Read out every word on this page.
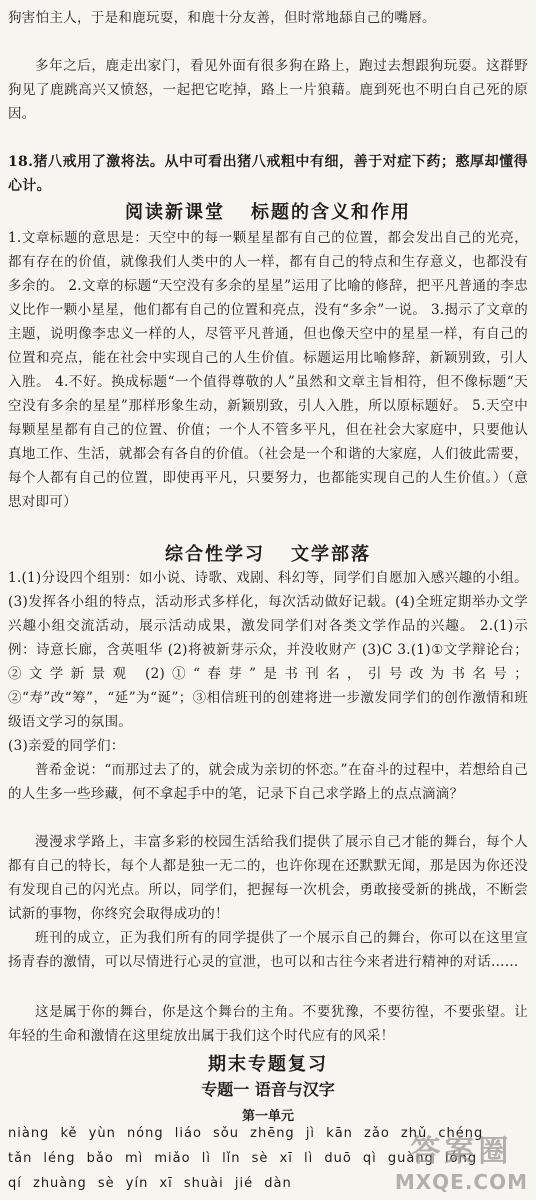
狗害怕主人，于是和鹿玩耍，和鹿十分友善，但时常地舔自己的嘴唇。

多年之后，鹿走出家门，看见外面有很多狗在路上，跑过去想跟狗玩耍。这群野狗见了鹿跳高兴又愤怒，一起把它吃掉，路上一片狼藉。鹿到死也不明白自己死的原因。

18.猪八戒用了激将法。从中可看出猪八戒粗中有细，善于对症下药；憨厚却懂得心计。

阅读新课堂 标题的含义和作用

1.文章标题的意思是：天空中的每一颗星星都有自己的位置，都会发出自己的光亮，都有存在的价值，就像我们人类中的人一样，都有自己的特点和生存意义，也都没有多余的。 2.文章的标题“天空没有多余的星星”运用了比喻的修辞，把平凡普通的李忠义比作一颗小星星，他们都有自己的位置和亮点，没有“多余”一说。 3.揭示了文章的主题，说明像李忠义一样的人，尽管平凡普通，但也像天空中的星星一样，有自己的位置和亮点，能在社会中实现自己的人生价值。标题运用比喻修辞，新颖别致，引人入胜。 4.不好。换成标题“一个值得尊敬的人”虽然和文章主旨相符，但不像标题“天空没有多余的星星”那样形象生动，新颖别致，引人入胜，所以原标题好。 5.天空中每颗星星都有自己的位置、价值；一个人不管多平凡，但在社会大家庭中，只要他认真地工作、生活，就都会有各自的价值。（社会是一个和谐的大家庭，人们彼此需要，每个人都有自己的位置，即使再平凡，只要努力，也都能实现自己的人生价值。）（意思对即可）

综合性学习 文学部落

1.(1)分设四个组别：如小说、诗歌、戏剧、科幻等，同学们自愿加入感兴趣的小组。(3)发挥各小组的特点，活动形式多样化，每次活动做好记载。(4)全班定期举办文学兴趣小组交流活动，展示活动成果，激发同学们对各类文学作品的兴趣。 2.(1)示例：诗意长廊，含英咀华 (2)将被新芽示众，并没收财产 (3)C 3.(1)①文学辩论台；②文学新景观 (2)①“春芽”是书刊名，引号改为书名号；②“寿”改“筹”，“延”为“诞”；③相信班刊的创建将进一步激发同学们的创作激情和班级语文学习的氛围。

(3)亲爱的同学们：

普希金说：“而那过去了的，就会成为亲切的怀恋。”在奋斗的过程中，若想给自己的人生多一些珍藏，何不拿起手中的笔，记录下自己求学路上的点点滴滴？

漫漫求学路上，丰富多彩的校园生活给我们提供了展示自己才能的舞台，每个人都有自己的特长，每个人都是独一无二的，也许你现在还默默无闻，那是因为你还没有发现自己的闪光点。所以，同学们，把握每一次机会，勇敢接受新的挑战，不断尝试新的事物，你终究会取得成功的！

班刊的成立，正为我们所有的同学提供了一个展示自己的舞台，你可以在这里宣扬青春的激情，可以尽情进行心灵的宣泄，也可以和古往今来者进行精神的对话……

这是属于你的舞台，你是这个舞台的主角。不要犹豫，不要彷徨，不要张望。让年轻的生命和激情在这里绽放出属于我们这个时代应有的风采！

期末专题复习
专题一 语音与汉字
第一单元
niàng kě yùn nóng liáo sǒu zhēng jì kān zǎo zhǔ chéng
tǎn léng bǎo mì miǎo lì lǐn sè xī lì duō qì guàng lóng
qí zhuàng sè yín xī shuài jié dàn
答案圈
MXQE.COM
